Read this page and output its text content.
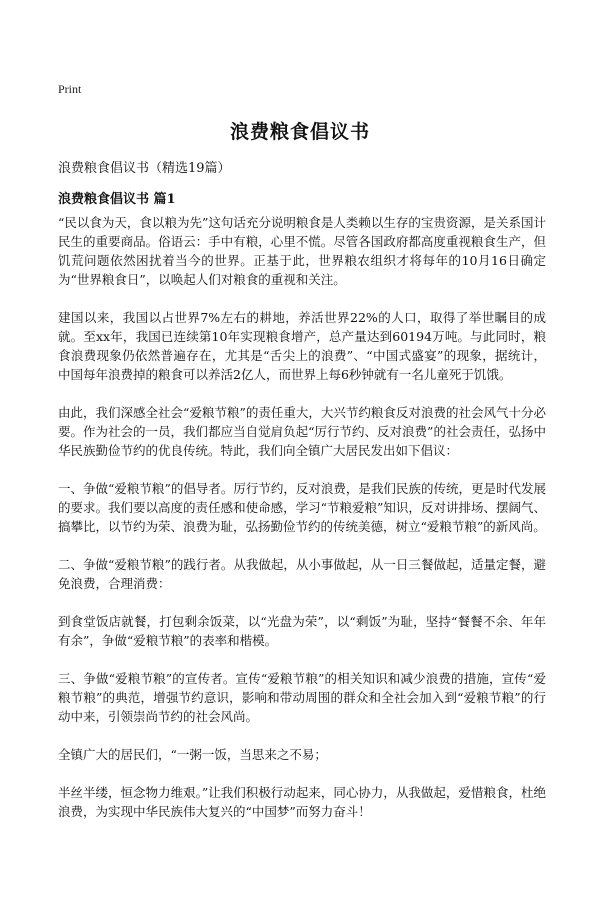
Print
浪费粮食倡议书

浪费粮食倡议书（精选19篇）

浪费粮食倡议书 篇1

“民以食为天，食以粮为先”这句话充分说明粮食是人类赖以生存的宝贵资源，是关系国计民生的重要商品。俗语云：手中有粮，心里不慌。尽管各国政府都高度重视粮食生产，但饥荒问题依然困扰着当今的世界。正基于此，世界粮农组织才将每年的10月16日确定为“世界粮食日”，以唤起人们对粮食的重视和关注。

建国以来，我国以占世界7%左右的耕地，养活世界22%的人口，取得了举世瞩目的成就。至xx年，我国已连续第10年实现粮食增产，总产量达到60194万吨。与此同时，粮食浪费现象仍依然普遍存在，尤其是“舌尖上的浪费”、“中国式盛宴”的现象，据统计，中国每年浪费掉的粮食可以养活2亿人，而世界上每6秒钟就有一名儿童死于饥饿。

由此，我们深感全社会“爱粮节粮”的责任重大，大兴节约粮食反对浪费的社会风气十分必要。作为社会的一员，我们都应当自觉肩负起“厉行节约、反对浪费”的社会责任，弘扬中华民族勤俭节约的优良传统。特此，我们向全镇广大居民发出如下倡议：

一、争做“爱粮节粮”的倡导者。厉行节约，反对浪费，是我们民族的传统，更是时代发展的要求。我们要以高度的责任感和使命感，学习“节粮爱粮”知识，反对讲排场、摆阔气、搞攀比，以节约为荣、浪费为耻，弘扬勤俭节约的传统美德，树立“爱粮节粮”的新风尚。

二、争做“爱粮节粮”的践行者。从我做起，从小事做起，从一日三餐做起，适量定餐，避免浪费，合理消费：

到食堂饭店就餐，打包剩余饭菜，以“光盘为荣”，以“剩饭”为耻，坚持“餐餐不余、年年有余”，争做“爱粮节粮”的表率和楷模。

三、争做“爱粮节粮”的宣传者。宣传“爱粮节粮”的相关知识和减少浪费的措施，宣传“爱粮节粮”的典范，增强节约意识，影响和带动周围的群众和全社会加入到“爱粮节粮”的行动中来，引领崇尚节约的社会风尚。

全镇广大的居民们，“一粥一饭，当思来之不易；

半丝半缕，恒念物力维艰。”让我们积极行动起来，同心协力，从我做起，爱惜粮食，杜绝浪费，为实现中华民族伟大复兴的“中国梦”而努力奋斗！
